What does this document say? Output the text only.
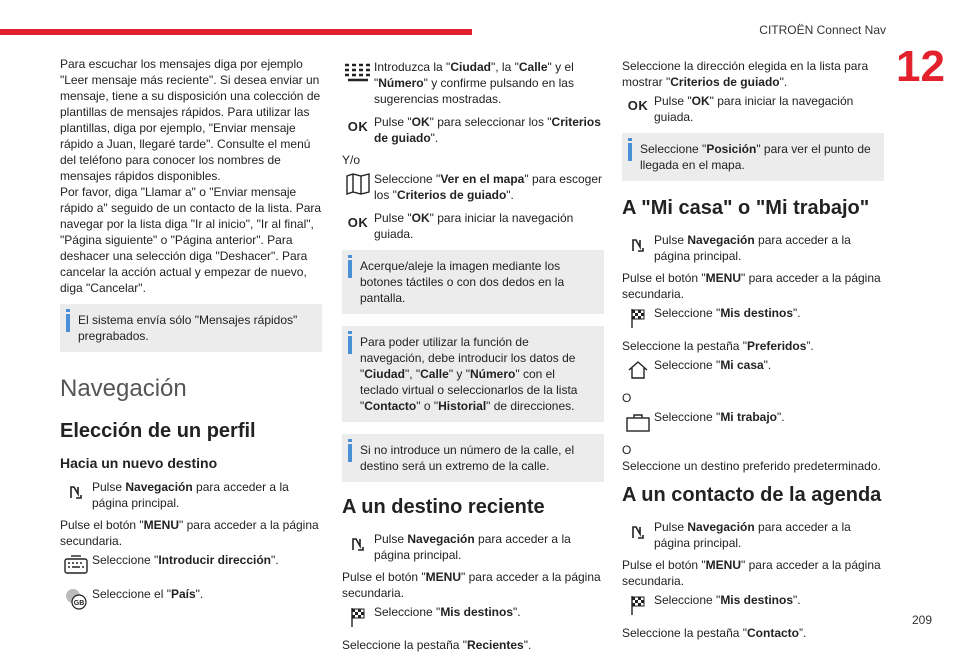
CITROËN Connect Nav
12

Para escuchar los mensajes diga por ejemplo "Leer mensaje más reciente". Si desea enviar un mensaje, tiene a su disposición una colección de plantillas de mensajes rápidos. Para utilizar las plantillas, diga por ejemplo, "Enviar mensaje rápido a Juan, llegaré tarde". Consulte el menú del teléfono para conocer los nombres de mensajes rápidos disponibles.

Por favor, diga "Llamar a" o "Enviar mensaje rápido a" seguido de un contacto de la lista. Para navegar por la lista diga "Ir al inicio", "Ir al final", "Página siguiente" o "Página anterior". Para deshacer una selección diga "Deshacer". Para cancelar la acción actual y empezar de nuevo, diga "Cancelar".

El sistema envía sólo "Mensajes rápidos" pregrabados.
Navegación
Elección de un perfil
Hacia un nuevo destino
Pulse Navegación para acceder a la página principal.

Pulse el botón "MENU" para acceder a la página secundaria.

Seleccione "Introducir dirección".
GB
Seleccione el "País".
Introduzca la "Ciudad", la "Calle" y el "Número" y confirme pulsando en las sugerencias mostradas.
OK Pulse "OK" para seleccionar los "Criterios de guiado".

Y/o

Seleccione "Ver en el mapa" para escoger los "Criterios de guiado".
OK Pulse "OK" para iniciar la navegación guiada.
Acerque/aleje la imagen mediante los botones táctiles o con dos dedos en la pantalla.
Para poder utilizar la función de navegación, debe introducir los datos de "Ciudad", "Calle" y "Número" con el teclado virtual o seleccionarlos de la lista "Contacto" o "Historial" de direcciones.
Si no introduce un número de la calle, el destino será un extremo de la calle.
A un destino reciente
Pulse Navegación para acceder a la página principal.

Pulse el botón "MENU" para acceder a la página secundaria.

Seleccione "Mis destinos".

Seleccione la pestaña "Recientes".

Seleccione la dirección elegida en la lista para mostrar "Criterios de guiado".

OK Pulse "OK" para iniciar la navegación guiada.
Seleccione "Posición" para ver el punto de llegada en el mapa.
A "Mi casa" o "Mi trabajo"
Pulse Navegación para acceder a la página principal.

Pulse el botón "MENU" para acceder a la página secundaria.

Seleccione "Mis destinos".

Seleccione la pestaña "Preferidos”.

Seleccione "Mi casa".

O

Seleccione "Mi trabajo".

O

Seleccione un destino preferido predeterminado.

A un contacto de la agenda
Pulse Navegación para acceder a la página principal.

Pulse el botón "MENU" para acceder a la página secundaria.

Seleccione "Mis destinos".

Seleccione la pestaña "Contacto”.

209
